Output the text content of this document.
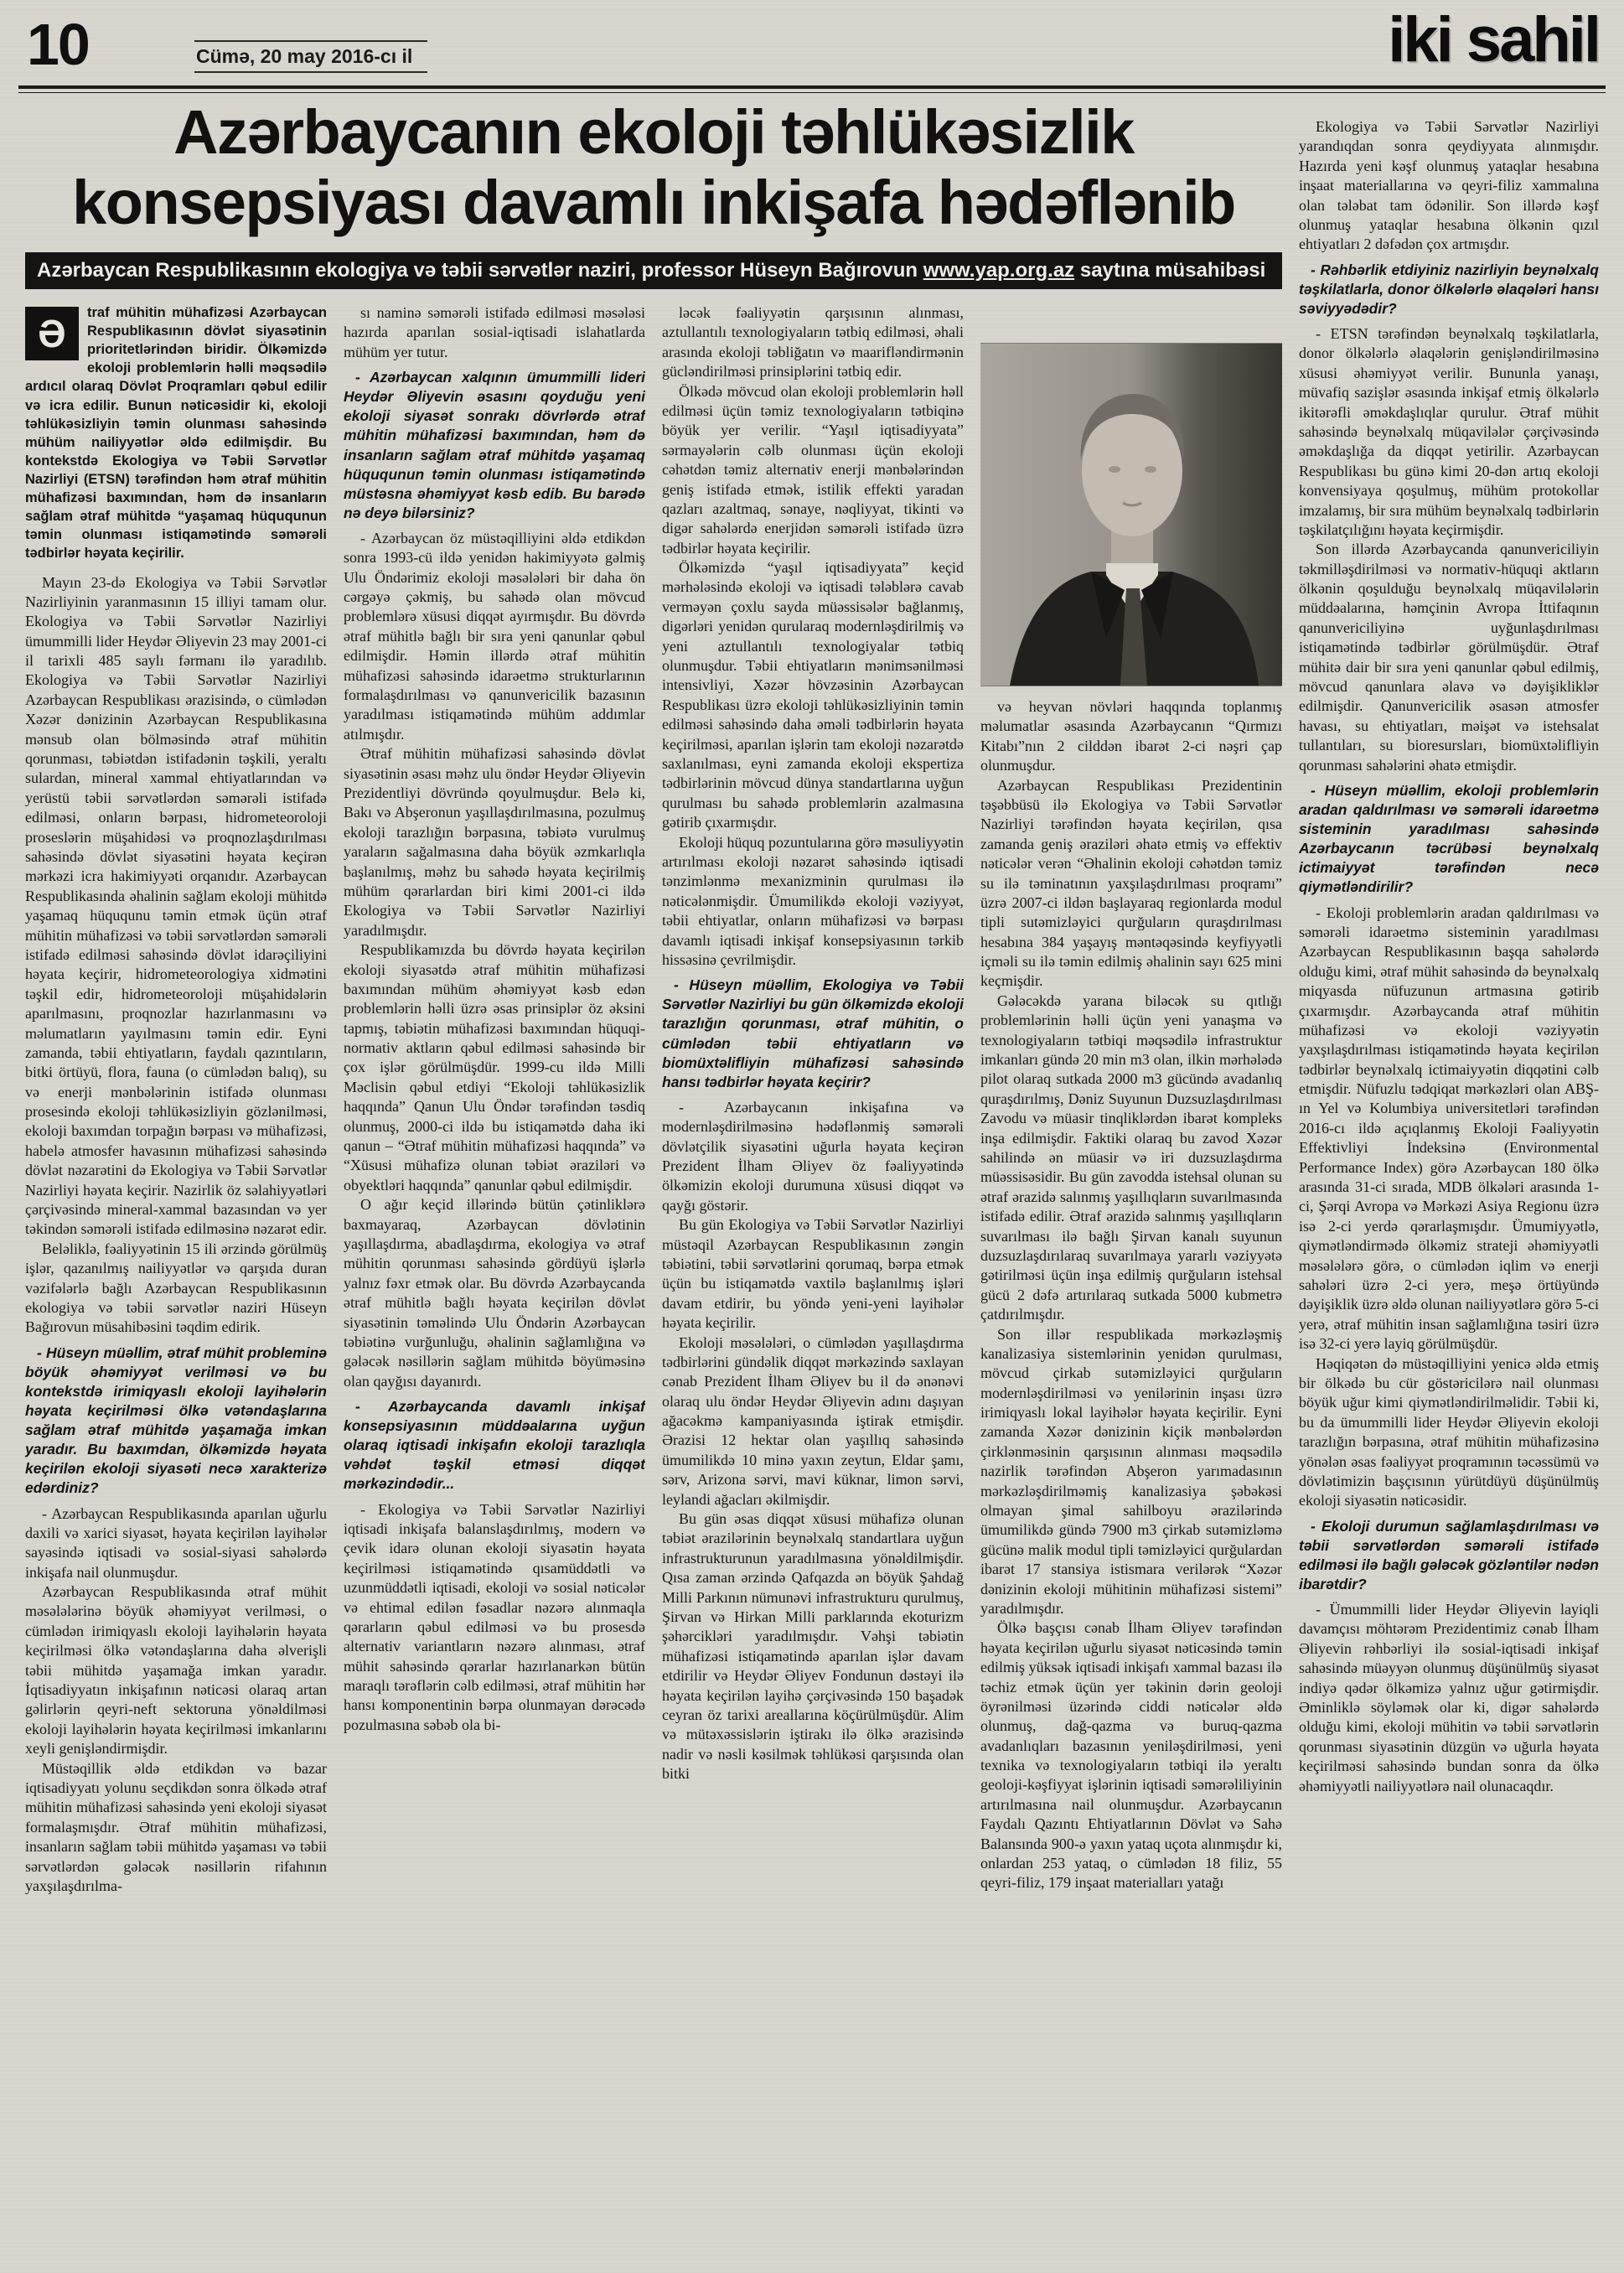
10	Cümə, 20 may 2016-cı il	iki sahil
Azərbaycanın ekoloji təhlükəsizlik
konsepsiyası davamlı inkişafa hədəflənib
Azərbaycan Respublikasının ekologiya və təbii sərvətlər naziri, professor Hüseyn Bağırovun www.yap.org.az saytına müsahibəsi
Ə	traf mühitin mühafizəsi Azərbaycan Respublikasının dövlət siyasətinin prioritetlərindən biridir. Ölkəmizdə ekoloji problemlərin həlli məqsədilə ardıcıl olaraq Dövlət Proqramları qəbul edilir və icra edilir. Bunun nəticəsidir ki, ekoloji təhlükəsizliyin təmin olunması sahəsində mühüm nailiyyətlər əldə edilmişdir. Bu kontekstdə Ekologiya və Təbii Sərvətlər Nazirliyi (ETSN) tərəfindən həm ətraf mühitin mühafizəsi baxımından, həm də insanların sağlam ətraf mühitdə “yaşamaq hüququnun təmin olunması istiqamətində səmərəli tədbirlər həyata keçirilir.

Mayın 23-də Ekologiya və Təbii Sərvətlər Nazirliyinin yaranmasının 15 illiyi tamam olur. Ekologiya və Təbii Sərvətlər Nazirliyi ümummilli lider Heydər Əliyevin 23 may 2001-ci il tarixli 485 saylı fərmanı ilə yaradılıb. Ekologiya və Təbii Sərvətlər Nazirliyi Azərbaycan Respublikası ərazisində, o cümlədən Xəzər dənizinin Azərbaycan Respublikasına mənsub olan bölməsində ətraf mühitin qorunması, təbiətdən istifadənin təşkili, yeraltı sulardan, mineral xammal ehtiyatlarından və yerüstü təbii sərvətlərdən səmərəli istifadə edilməsi, onların bərpası, hidrometeoroloji proseslərin müşahidəsi və proqnozlaşdırılması sahəsində dövlət siyasətini həyata keçirən mərkəzi icra hakimiyyəti orqanıdır. Azərbaycan Respublikasında əhalinin sağlam ekoloji mühitdə yaşamaq hüququnu təmin etmək üçün ətraf mühitin mühafizəsi və təbii sərvətlərdən səmərəli istifadə edilməsi sahəsində dövlət idarəçiliyini həyata keçirir, hidrometeorologiya xidmətini təşkil edir, hidrometeoroloji müşahidələrin aparılmasını, proqnozlar hazırlanmasını və məlumatların yayılmasını təmin edir. Eyni zamanda, təbii ehtiyatların, faydalı qazıntıların, bitki örtüyü, flora, fauna (o cümlədən balıq), su və enerji mənbələrinin istifadə olunması prosesində ekoloji təhlükəsizliyin gözlənilməsi, ekoloji baxımdan torpağın bərpası və mühafizəsi, habelə atmosfer havasının mühafizəsi sahəsində dövlət nəzarətini də Ekologiya və Təbii Sərvətlər Nazirliyi həyata keçirir. Nazirlik öz səlahiyyətləri çərçivəsində mineral-xammal bazasından və yer təkindən səmərəli istifadə edilməsinə nəzarət edir.

Beləliklə, fəaliyyətinin 15 ili ərzində görülmüş işlər, qazanılmış nailiyyətlər və qarşıda duran vəzifələrlə bağlı Azərbaycan Respublikasının ekologiya və təbii sərvətlər naziri Hüseyn Bağırovun müsahibəsini təqdim edirik.

- Hüseyn müəllim, ətraf mühit probleminə böyük əhəmiyyət verilməsi və bu kontekstdə irimiqyaslı ekoloji layihələrin həyata keçirilməsi ölkə vətəndaşlarına sağlam ətraf mühitdə yaşamağa imkan yaradır. Bu baxımdan, ölkəmizdə həyata keçirilən ekoloji siyasəti necə xarakterizə edərdiniz?

- Azərbaycan Respublikasında aparılan uğurlu daxili və xarici siyasət, həyata keçirilən layihələr sayəsində iqtisadi və sosial-siyasi sahələrdə inkişafa nail olunmuşdur.

Azərbaycan Respublikasında ətraf mühit məsələlərinə böyük əhəmiyyət verilməsi, o cümlədən irimiqyaslı ekoloji layihələrin həyata keçirilməsi ölkə vətəndaşlarına daha əlverişli təbii mühitdə yaşamağa imkan yaradır. İqtisadiyyatın inkişafının nəticəsi olaraq artan gəlirlərin qeyri-neft sektoruna yönəldilməsi ekoloji layihələrin həyata keçirilməsi imkanlarını xeyli genişləndirmişdir.

Müstəqillik əldə etdikdən və bazar iqtisadiyyatı yolunu seçdikdən sonra ölkədə ətraf mühitin mühafizəsi sahəsində yeni ekoloji siyasət formalaşmışdır. Ətraf mühitin mühafizəsi, insanların sağlam təbii mühitdə yaşaması və təbii sərvətlərdən gələcək nəsillərin rifahının yaxşılaşdırılma-

sı naminə səmərəli istifadə edilməsi məsələsi hazırda aparılan sosial-iqtisadi islahatlarda mühüm yer tutur.

- Azərbaycan xalqının ümummilli lideri Heydər Əliyevin əsasını qoyduğu yeni ekoloji siyasət sonrakı dövrlərdə ətraf mühitin mühafizəsi baxımından, həm də insanların sağlam ətraf mühitdə yaşamaq hüququnun təmin olunması istiqamətində müstəsna əhəmiyyət kəsb edib. Bu barədə nə deyə bilərsiniz?

- Azərbaycan öz müstəqilliyini əldə etdikdən sonra 1993-cü ildə yenidən hakimiyyətə gəlmiş Ulu Öndərimiz ekoloji məsələləri bir daha ön cərgəyə çəkmiş, bu sahədə olan mövcud problemlərə xüsusi diqqət ayırmışdır. Bu dövrdə ətraf mühitlə bağlı bir sıra yeni qanunlar qəbul edilmişdir. Həmin illərdə ətraf mühitin mühafizəsi sahəsində idarəetmə strukturlarının formalaşdırılması və qanunvericilik bazasının yaradılması istiqamətində mühüm addımlar atılmışdır.

Ətraf mühitin mühafizəsi sahəsində dövlət siyasətinin əsası məhz ulu öndər Heydər Əliyevin Prezidentliyi dövründə qoyulmuşdur. Belə ki, Bakı və Abşeronun yaşıllaşdırılmasına, pozulmuş ekoloji tarazlığın bərpasına, təbiətə vurulmuş yaraların sağalmasına daha böyük əzmkarlıqla başlanılmış, məhz bu sahədə həyata keçirilmiş mühüm qərarlardan biri kimi 2001-ci ildə Ekologiya və Təbii Sərvətlər Nazirliyi yaradılmışdır.

Respublikamızda bu dövrdə həyata keçirilən ekoloji siyasətdə ətraf mühitin mühafizəsi baxımından mühüm əhəmiyyət kəsb edən problemlərin həlli üzrə əsas prinsiplər öz əksini tapmış, təbiətin mühafizəsi baxımından hüquqi-normativ aktların qəbul edilməsi sahəsində bir çox işlər görülmüşdür. 1999-cu ildə Milli Məclisin qəbul etdiyi “Ekoloji təhlükəsizlik haqqında” Qanun Ulu Öndər tərəfindən təsdiq olunmuş, 2000-ci ildə bu istiqamətdə daha iki qanun – “Ətraf mühitin mühafizəsi haqqında” və “Xüsusi mühafizə olunan təbiət əraziləri və obyektləri haqqında” qanunlar qəbul edilmişdir.

O ağır keçid illərində bütün çətinliklərə baxmayaraq, Azərbaycan dövlətinin yaşıllaşdırma, abadlaşdırma, ekologiya və ətraf mühitin qorunması sahəsində gördüyü işlərlə yalnız fəxr etmək olar. Bu dövrdə Azərbaycanda ətraf mühitlə bağlı həyata keçirilən dövlət siyasətinin təməlində Ulu Öndərin Azərbaycan təbiətinə vurğunluğu, əhalinin sağlamlığına və gələcək nəsillərin sağlam mühitdə böyüməsinə olan qayğısı dayanırdı.

- Azərbaycanda davamlı inkişaf konsepsiyasının müddəalarına uyğun olaraq iqtisadi inkişafın ekoloji tarazlıqla vəhdət təşkil etməsi diqqət mərkəzindədir...

- Ekologiya və Təbii Sərvətlər Nazirliyi iqtisadi inkişafa balanslaşdırılmış, modern və çevik idarə olunan ekoloji siyasətin həyata keçirilməsi istiqamətində qısamüddətli və uzunmüddətli iqtisadi, ekoloji və sosial nəticələr və ehtimal edilən fəsadlar nəzərə alınmaqla qərarların qəbul edilməsi və bu prosesdə alternativ variantların nəzərə alınması, ətraf mühit sahəsində qərarlar hazırlanarkən bütün maraqlı tərəflərin cəlb edilməsi, ətraf mühitin hər hansı komponentinin bərpa olunmayan dərəcədə pozulmasına səbəb ola bi-

ləcək fəaliyyətin qarşısının alınması, aztullantılı texnologiyaların tətbiq edilməsi, əhali arasında ekoloji təbliğatın və maarifləndirmənin gücləndirilməsi prinsiplərini tətbiq edir.

Ölkədə mövcud olan ekoloji problemlərin həll edilməsi üçün təmiz texnologiyaların tətbiqinə böyük yer verilir. “Yaşıl iqtisadiyyata” sərmayələrin cəlb olunması üçün ekoloji cəhətdən təmiz alternativ enerji mənbələrindən geniş istifadə etmək, istilik effekti yaradan qazları azaltmaq, sənaye, nəqliyyat, tikinti və digər sahələrdə enerjidən səmərəli istifadə üzrə tədbirlər həyata keçirilir.

Ölkəmizdə “yaşıl iqtisadiyyata” keçid mərhələsində ekoloji və iqtisadi tələblərə cavab verməyən çoxlu sayda müəssisələr bağlanmış, digərləri yenidən qurularaq modernləşdirilmiş və yeni aztullantılı texnologiyalar tətbiq olunmuşdur. Təbii ehtiyatların mənimsənilməsi intensivliyi, Xəzər hövzəsinin Azərbaycan Respublikası üzrə ekoloji təhlükəsizliyinin təmin edilməsi sahəsində daha əməli tədbirlərin həyata keçirilməsi, aparılan işlərin tam ekoloji nəzarətdə saxlanılması, eyni zamanda ekoloji ekspertiza tədbirlərinin mövcud dünya standartlarına uyğun qurulması bu sahədə problemlərin azalmasına gətirib çıxarmışdır.

Ekoloji hüquq pozuntularına görə məsuliyyətin artırılması ekoloji nəzarət sahəsində iqtisadi tənzimlənmə mexanizminin qurulması ilə nəticələnmişdir. Ümumilikdə ekoloji vəziyyət, təbii ehtiyatlar, onların mühafizəsi və bərpası davamlı iqtisadi inkişaf konsepsiyasının tərkib hissəsinə çevrilmişdir.

- Hüseyn müəllim, Ekologiya və Təbii Sərvətlər Nazirliyi bu gün ölkəmizdə ekoloji tarazlığın qorunması, ətraf mühitin, o cümlədən təbii ehtiyatların və biomüxtəlifliyin mühafizəsi sahəsində hansı tədbirlər həyata keçirir?

- Azərbaycanın inkişafına və modernləşdirilməsinə hədəflənmiş səmərəli dövlətçilik siyasətini uğurla həyata keçirən Prezident İlham Əliyev öz fəaliyyətində ölkəmizin ekoloji durumuna xüsusi diqqət və qayğı göstərir.

Bu gün Ekologiya və Təbii Sərvətlər Nazirliyi müstəqil Azərbaycan Respublikasının zəngin təbiətini, təbii sərvətlərini qorumaq, bərpa etmək üçün bu istiqamətdə vaxtilə başlanılmış işləri davam etdirir, bu yöndə yeni-yeni layihələr həyata keçirilir.

Ekoloji məsələləri, o cümlədən yaşıllaşdırma tədbirlərini gündəlik diqqət mərkəzində saxlayan cənab Prezident İlham Əliyev bu il də ənənəvi olaraq ulu öndər Heydər Əliyevin adını daşıyan ağacəkmə kampaniyasında iştirak etmişdir. Ərazisi 12 hektar olan yaşıllıq sahəsində ümumilikdə 10 minə yaxın zeytun, Eldar şamı, sərv, Arizona sərvi, mavi küknar, limon sərvi, leylandi ağacları əkilmişdir.

Bu gün əsas diqqət xüsusi mühafizə olunan təbiət ərazilərinin beynəlxalq standartlara uyğun infrastrukturunun yaradılmasına yönəldilmişdir. Qısa zaman ərzində Qafqazda ən böyük Şahdağ Milli Parkının nümunəvi infrastrukturu qurulmuş, Şirvan və Hirkan Milli parklarında ekoturizm şəhərcikləri yaradılmışdır. Vəhşi təbiətin mühafizəsi istiqamətində aparılan işlər davam etdirilir və Heydər Əliyev Fondunun dəstəyi ilə həyata keçirilən layihə çərçivəsində 150 başadək ceyran öz tarixi areallarına köçürülmüşdür. Alim və mütəxəssislərin iştirakı ilə ölkə ərazisində nadir və nəsli kəsilmək təhlükəsi qarşısında olan bitki

və heyvan növləri haqqında toplanmış məlumatlar əsasında Azərbaycanın “Qırmızı Kitabı”nın 2 cilddən ibarət 2-ci nəşri çap olunmuşdur.

Azərbaycan Respublikası Prezidentinin təşəbbüsü ilə Ekologiya və Təbii Sərvətlər Nazirliyi tərəfindən həyata keçirilən, qısa zamanda geniş əraziləri əhatə etmiş və effektiv nəticələr verən “Əhalinin ekoloji cəhətdən təmiz su ilə təminatının yaxşılaşdırılması proqramı” üzrə 2007-ci ildən başlayaraq regionlarda modul tipli sutəmizləyici qurğuların quraşdırılması hesabına 384 yaşayış məntəqəsində keyfiyyətli içməli su ilə təmin edilmiş əhalinin sayı 625 mini keçmişdir.

Gələcəkdə yarana biləcək su qıtlığı problemlərinin həlli üçün yeni yanaşma və texnologiyaların tətbiqi məqsədilə infrastruktur imkanları gündə 20 min m3 olan, ilkin mərhələdə pilot olaraq sutkada 2000 m3 gücündə avadanlıq quraşdırılmış, Dəniz Suyunun Duzsuzlaşdırılması Zavodu və müasir tinqliklərdən ibarət kompleks inşa edilmişdir. Faktiki olaraq bu zavod Xəzər sahilində ən müasir və iri duzsuzlaşdırma müəssisəsidir. Bu gün zavodda istehsal olunan su ətraf ərazidə salınmış yaşıllıqların suvarılmasında istifadə edilir. Ətraf ərazidə salınmış yaşıllıqların suvarılması ilə bağlı Şirvan kanalı suyunun duzsuzlaşdırılaraq suvarılmaya yararlı vəziyyətə gətirilməsi üçün inşa edilmiş qurğuların istehsal gücü 2 dəfə artırılaraq sutkada 5000 kubmetrə çatdırılmışdır.

Son illər respublikada mərkəzləşmiş kanalizasiya sistemlərinin yenidən qurulması, mövcud çirkab sutəmizləyici qurğuların modernləşdirilməsi və yenilərinin inşası üzrə irimiqyaslı lokal layihələr həyata keçirilir. Eyni zamanda Xəzər dənizinin kiçik mənbələrdən çirklənməsinin qarşısının alınması məqsədilə nazirlik tərəfindən Abşeron yarımadasının mərkəzləşdirilməmiş kanalizasiya şəbəkəsi olmayan şimal sahilboyu ərazilərində ümumilikdə gündə 7900 m3 çirkab sutəmizləmə gücünə malik modul tipli təmizləyici qurğulardan ibarət 17 stansiya istismara verilərək “Xəzər dənizinin ekoloji mühitinin mühafizəsi sistemi” yaradılmışdır.

Ölkə başçısı cənab İlham Əliyev tərəfindən həyata keçirilən uğurlu siyasət nəticəsində təmin edilmiş yüksək iqtisadi inkişafı xammal bazası ilə təchiz etmək üçün yer təkinin dərin geoloji öyrənilməsi üzərində ciddi nəticələr əldə olunmuş, dağ-qazma və buruq-qazma avadanlıqları bazasının yeniləşdirilməsi, yeni texnika və texnologiyaların tətbiqi ilə yeraltı geoloji-kəşfiyyat işlərinin iqtisadi səmərəliliyinin artırılmasına nail olunmuşdur. Azərbaycanın Faydalı Qazıntı Ehtiyatlarının Dövlət və Sahə Balansında 900-ə yaxın yataq uçota alınmışdır ki, onlardan 253 yataq, o cümlədən 18 filiz, 55 qeyri-filiz, 179 inşaat materialları yatağı

Ekologiya və Təbii Sərvətlər Nazirliyi yarandıqdan sonra qeydiyyata alınmışdır. Hazırda yeni kəşf olunmuş yataqlar hesabına inşaat materiallarına və qeyri-filiz xammalına olan tələbat tam ödənilir. Son illərdə kəşf olunmuş yataqlar hesabına ölkənin qızıl ehtiyatları 2 dəfədən çox artmışdır.

- Rəhbərlik etdiyiniz nazirliyin beynəlxalq təşkilatlarla, donor ölkələrlə əlaqələri hansı səviyyədədir?

- ETSN tərəfindən beynəlxalq təşkilatlarla, donor ölkələrlə əlaqələrin genişləndirilməsinə xüsusi əhəmiyyət verilir. Bununla yanaşı, müvafiq sazişlər əsasında inkişaf etmiş ölkələrlə ikitərəfli əməkdaşlıqlar qurulur. Ətraf mühit sahəsində beynəlxalq müqavilələr çərçivəsində əməkdaşlığa da diqqət yetirilir. Azərbaycan Respublikası bu günə kimi 20-dən artıq ekoloji konvensiyaya qoşulmuş, mühüm protokollar imzalamış, bir sıra mühüm beynəlxalq tədbirlərin təşkilatçılığını həyata keçirmişdir.

Son illərdə Azərbaycanda qanunvericiliyin təkmilləşdirilməsi və normativ-hüquqi aktların ölkənin qoşulduğu beynəlxalq müqavilələrin müddəalarına, həmçinin Avropa İttifaqının qanunvericiliyinə uyğunlaşdırılması istiqamətində tədbirlər görülmüşdür. Ətraf mühitə dair bir sıra yeni qanunlar qəbul edilmiş, mövcud qanunlara əlavə və dəyişikliklər edilmişdir. Qanunvericilik əsasən atmosfer havası, su ehtiyatları, məişət və istehsalat tullantıları, su bioresursları, biomüxtəlifliyin qorunması sahələrini əhatə etmişdir.

- Hüseyn müəllim, ekoloji problemlərin aradan qaldırılması və səmərəli idarəetmə sisteminin yaradılması sahəsində Azərbaycanın təcrübəsi beynəlxalq ictimaiyyət tərəfindən necə qiymətləndirilir?

- Ekoloji problemlərin aradan qaldırılması və səmərəli idarəetmə sisteminin yaradılması Azərbaycan Respublikasının başqa sahələrdə olduğu kimi, ətraf mühit sahəsində də beynəlxalq miqyasda nüfuzunun artmasına gətirib çıxarmışdır. Azərbaycanda ətraf mühitin mühafizəsi və ekoloji vəziyyətin yaxşılaşdırılması istiqamətində həyata keçirilən tədbirlər beynəlxalq ictimaiyyətin diqqətini cəlb etmişdir. Nüfuzlu tədqiqat mərkəzləri olan ABŞ-ın Yel və Kolumbiya universitetləri tərəfindən 2016-cı ildə açıqlanmış Ekoloji Fəaliyyətin Effektivliyi İndeksinə (Environmental Performance Index) görə Azərbaycan 180 ölkə arasında 31-ci sırada, MDB ölkələri arasında 1-ci, Şərqi Avropa və Mərkəzi Asiya Regionu üzrə isə 2-ci yerdə qərarlaşmışdır. Ümumiyyətlə, qiymətləndirmədə ölkəmiz strateji əhəmiyyətli məsələlərə görə, o cümlədən iqlim və enerji sahələri üzrə 2-ci yerə, meşə örtüyündə dəyişiklik üzrə əldə olunan nailiyyətlərə görə 5-ci yerə, ətraf mühitin insan sağlamlığına təsiri üzrə isə 32-ci yerə layiq görülmüşdür.

Həqiqətən də müstəqilliyini yenicə əldə etmiş bir ölkədə bu cür göstəricilərə nail olunması böyük uğur kimi qiymətləndirilməlidir. Təbii ki, bu da ümummilli lider Heydər Əliyevin ekoloji tarazlığın bərpasına, ətraf mühitin mühafizəsinə yönələn əsas fəaliyyət proqramının təcəssümü və dövlətimizin başçısının yürütdüyü düşünülmüş ekoloji siyasətin nəticəsidir.

- Ekoloji durumun sağlamlaşdırılması və təbii sərvətlərdən səmərəli istifadə edilməsi ilə bağlı gələcək gözləntilər nədən ibarətdir?

- Ümummilli lider Heydər Əliyevin layiqli davamçısı möhtərəm Prezidentimiz cənab İlham Əliyevin rəhbərliyi ilə sosial-iqtisadi inkişaf sahəsində müəyyən olunmuş düşünülmüş siyasət indiyə qədər ölkəmizə yalnız uğur gətirmişdir. Əminliklə söyləmək olar ki, digər sahələrdə olduğu kimi, ekoloji mühitin və təbii sərvətlərin qorunması siyasətinin düzgün və uğurla həyata keçirilməsi sahəsində bundan sonra da ölkə əhəmiyyətli nailiyyətlərə nail olunacaqdır.
